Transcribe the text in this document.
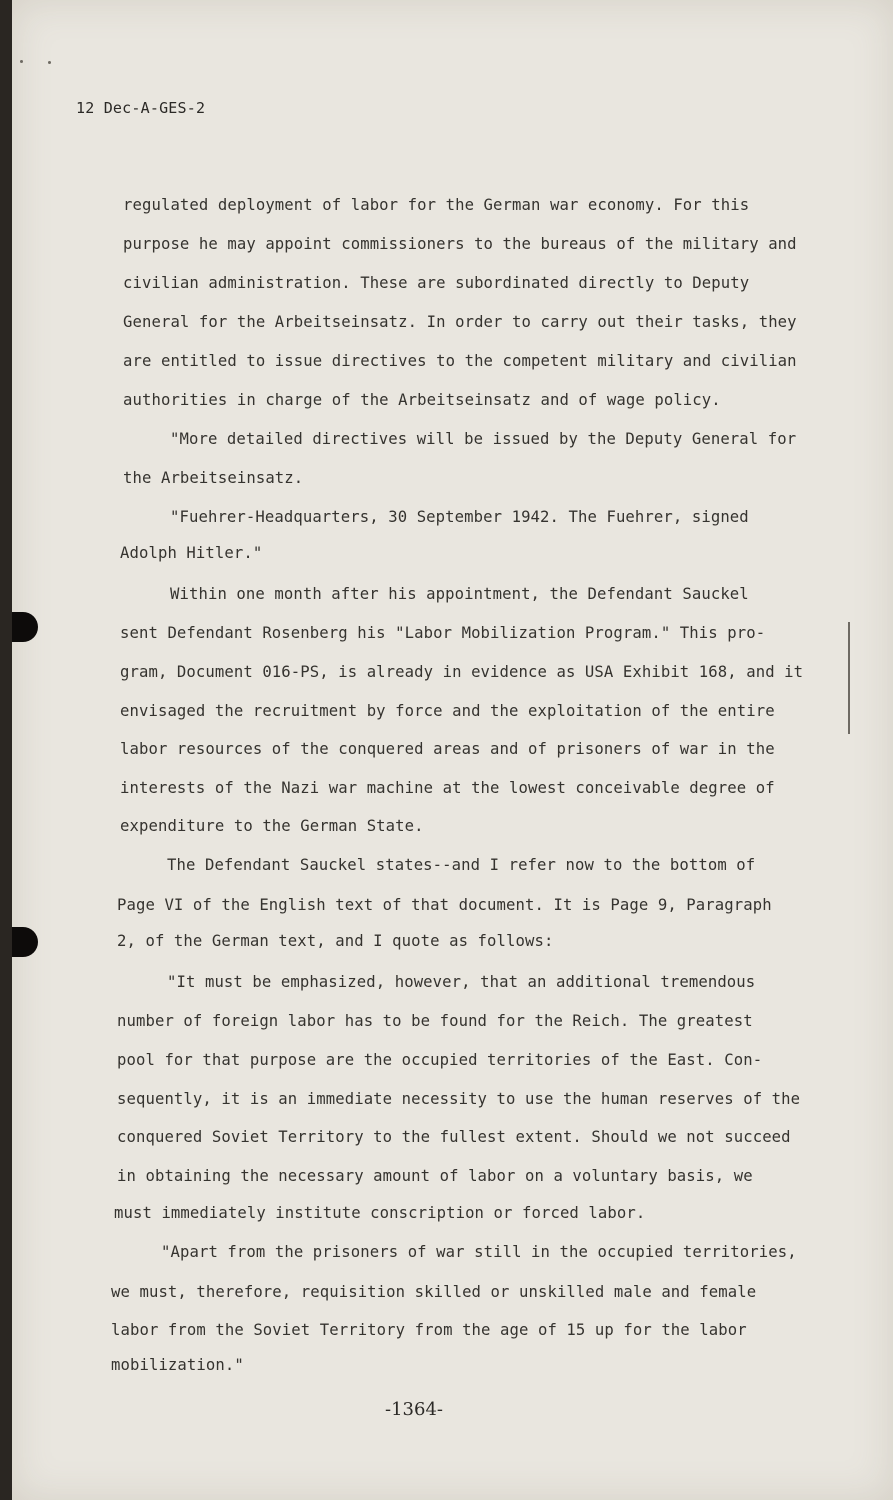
12 Dec-A-GES-2
regulated deployment of labor for the German war economy. For this
purpose he may appoint commissioners to the bureaus of the military and
civilian administration. These are subordinated directly to Deputy
General for the Arbeitseinsatz. In order to carry out their tasks, they
are entitled to issue directives to the competent military and civilian
authorities in charge of the Arbeitseinsatz and of wage policy.
"More detailed directives will be issued by the Deputy General for
the Arbeitseinsatz.
"Fuehrer-Headquarters, 30 September 1942. The Fuehrer, signed
Adolph Hitler."
Within one month after his appointment, the Defendant Sauckel
sent Defendant Rosenberg his "Labor Mobilization Program." This pro-
gram, Document 016-PS, is already in evidence as USA Exhibit 168, and it
envisaged the recruitment by force and the exploitation of the entire
labor resources of the conquered areas and of prisoners of war in the
interests of the Nazi war machine at the lowest conceivable degree of
expenditure to the German State.
The Defendant Sauckel states--and I refer now to the bottom of
Page VI of the English text of that document. It is Page 9, Paragraph
2, of the German text, and I quote as follows:
"It must be emphasized, however, that an additional tremendous
number of foreign labor has to be found for the Reich. The greatest
pool for that purpose are the occupied territories of the East. Con-
sequently, it is an immediate necessity to use the human reserves of the
conquered Soviet Territory to the fullest extent. Should we not succeed
in obtaining the necessary amount of labor on a voluntary basis, we
must immediately institute conscription or forced labor.
"Apart from the prisoners of war still in the occupied territories,
we must, therefore, requisition skilled or unskilled male and female
labor from the Soviet Territory from the age of 15 up for the labor
mobilization."
-1364-
